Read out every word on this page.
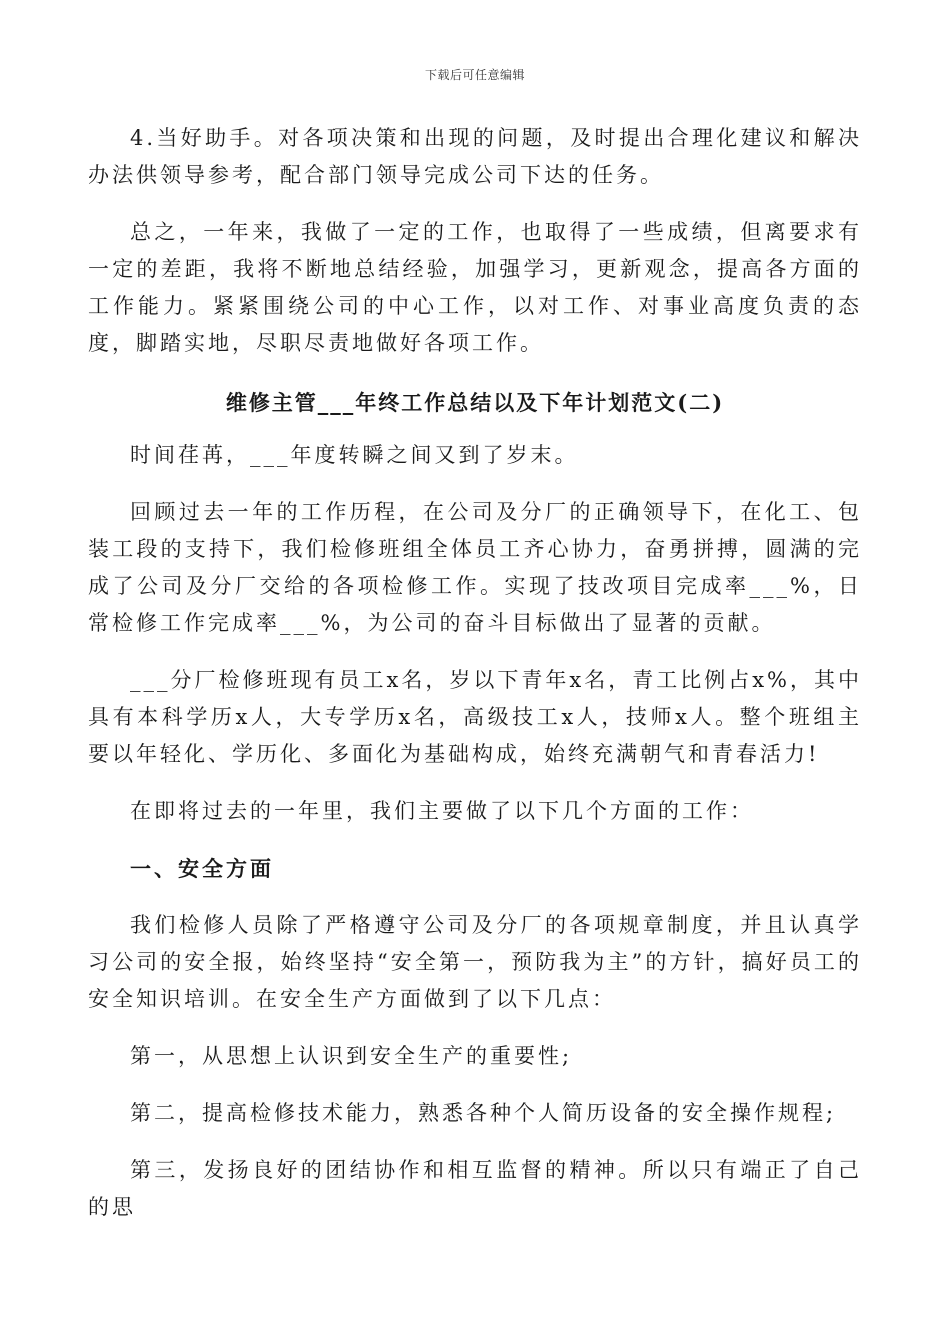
下载后可任意编辑

4.当好助手。对各项决策和出现的问题，及时提出合理化建议和解决办法供领导参考，配合部门领导完成公司下达的任务。

总之，一年来，我做了一定的工作，也取得了一些成绩，但离要求有一定的差距，我将不断地总结经验，加强学习，更新观念，提高各方面的工作能力。紧紧围绕公司的中心工作，以对工作、对事业高度负责的态度，脚踏实地，尽职尽责地做好各项工作。

维修主管___年终工作总结以及下年计划范文(二)

时间荏苒，___年度转瞬之间又到了岁末。

回顾过去一年的工作历程，在公司及分厂的正确领导下，在化工、包装工段的支持下，我们检修班组全体员工齐心协力，奋勇拼搏，圆满的完成了公司及分厂交给的各项检修工作。实现了技改项目完成率___%，日常检修工作完成率___%，为公司的奋斗目标做出了显著的贡献。

___分厂检修班现有员工x名，岁以下青年x名，青工比例占x%，其中具有本科学历x人，大专学历x名，高级技工x人，技师x人。整个班组主要以年轻化、学历化、多面化为基础构成，始终充满朝气和青春活力!

在即将过去的一年里，我们主要做了以下几个方面的工作：

一、安全方面

我们检修人员除了严格遵守公司及分厂的各项规章制度，并且认真学习公司的安全报，始终坚持“安全第一，预防我为主”的方针，搞好员工的安全知识培训。在安全生产方面做到了以下几点：

第一，从思想上认识到安全生产的重要性;

第二，提高检修技术能力，熟悉各种个人简历设备的安全操作规程;

第三，发扬良好的团结协作和相互监督的精神。所以只有端正了自己的思
